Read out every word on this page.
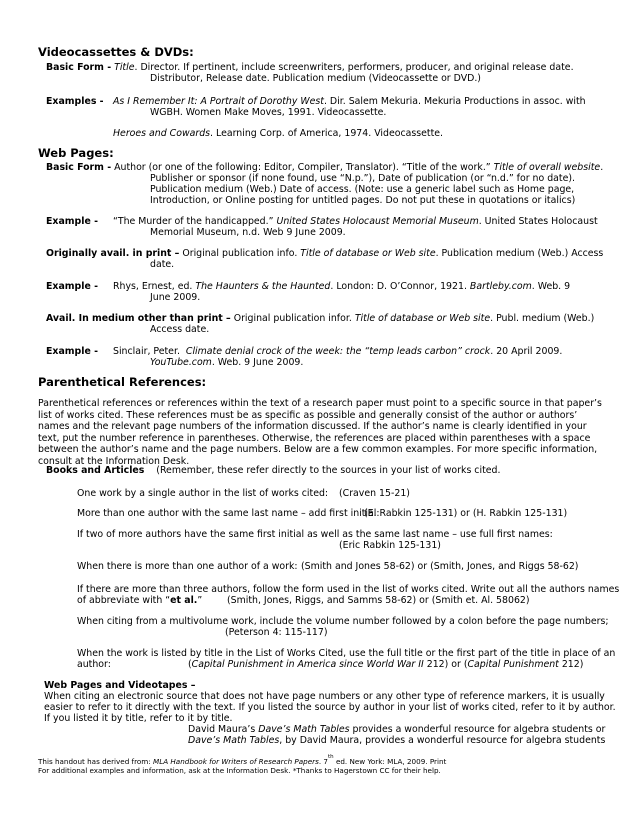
Videocassettes & DVDs:
Basic Form - Title. Director. If pertinent, include screenwriters, performers, producer, and original release date.
Distributor, Release date. Publication medium (Videocassette or DVD.)
Examples - As I Remember It: A Portrait of Dorothy West. Dir. Salem Mekuria. Mekuria Productions in assoc. with
WGBH. Women Make Moves, 1991. Videocassette.
Heroes and Cowards. Learning Corp. of America, 1974. Videocassette.
Web Pages:
Basic Form - Author (or one of the following: Editor, Compiler, Translator). “Title of the work.” Title of overall website.
Publisher or sponsor (if none found, use “N.p.”), Date of publication (or “n.d.” for no date).
Publication medium (Web.) Date of access. (Note: use a generic label such as Home page,
Introduction, or Online posting for untitled pages. Do not put these in quotations or italics)
Example - “The Murder of the handicapped.” United States Holocaust Memorial Museum. United States Holocaust
Memorial Museum, n.d. Web 9 June 2009.
Originally avail. in print – Original publication info. Title of database or Web site. Publication medium (Web.) Access
date.
Example - Rhys, Ernest, ed. The Haunters & the Haunted. London: D. O’Connor, 1921. Bartleby.com. Web. 9
June 2009.
Avail. In medium other than print – Original publication infor. Title of database or Web site. Publ. medium (Web.)
Access date.
Example - Sinclair, Peter. Climate denial crock of the week: the “temp leads carbon” crock. 20 April 2009.
YouTube.com. Web. 9 June 2009.
Parenthetical References:
Parenthetical references or references within the text of a research paper must point to a specific source in that paper’s list of works cited. These references must be as specific as possible and generally consist of the author or authors’ names and the relevant page numbers of the information discussed. If the author’s name is clearly identified in your text, put the number reference in parentheses. Otherwise, the references are placed within parentheses with a space between the author’s name and the page numbers. Below are a few common examples. For more specific information, consult at the Information Desk.
Books and Articles (Remember, these refer directly to the sources in your list of works cited.
One work by a single author in the list of works cited: (Craven 15-21)
More than one author with the same last name – add first initial:
(E. Rabkin 125-131) or (H. Rabkin 125-131)
If two of more authors have the same first initial as well as the same last name – use full first names:
(Eric Rabkin 125-131)
When there is more than one author of a work: (Smith and Jones 58-62) or (Smith, Jones, and Riggs 58-62)
If there are more than three authors, follow the form used in the list of works cited. Write out all the authors names
of abbreviate with “et al.”	(Smith, Jones, Riggs, and Samms 58-62) or (Smith et. Al. 58062)
When citing from a multivolume work, include the volume number followed by a colon before the page numbers;
(Peterson 4: 115-117)
When the work is listed by title in the List of Works Cited, use the full title or the first part of the title in place of an
author:	(Capital Punishment in America since World War II 212) or (Capital Punishment 212)
Web Pages and Videotapes –
When citing an electronic source that does not have page numbers or any other type of reference markers, it is usually
easier to refer to it directly with the text. If you listed the source by author in your list of works cited, refer to it by author.
If you listed it by title, refer to it by title.
David Maura’s Dave’s Math Tables provides a wonderful resource for algebra students or
Dave’s Math Tables, by David Maura, provides a wonderful resource for algebra students
This handout has derived from: MLA Handbook for Writers of Research Papers. 7th ed. New York: MLA, 2009. Print
For additional examples and information, ask at the Information Desk. *Thanks to Hagerstown CC for their help.
